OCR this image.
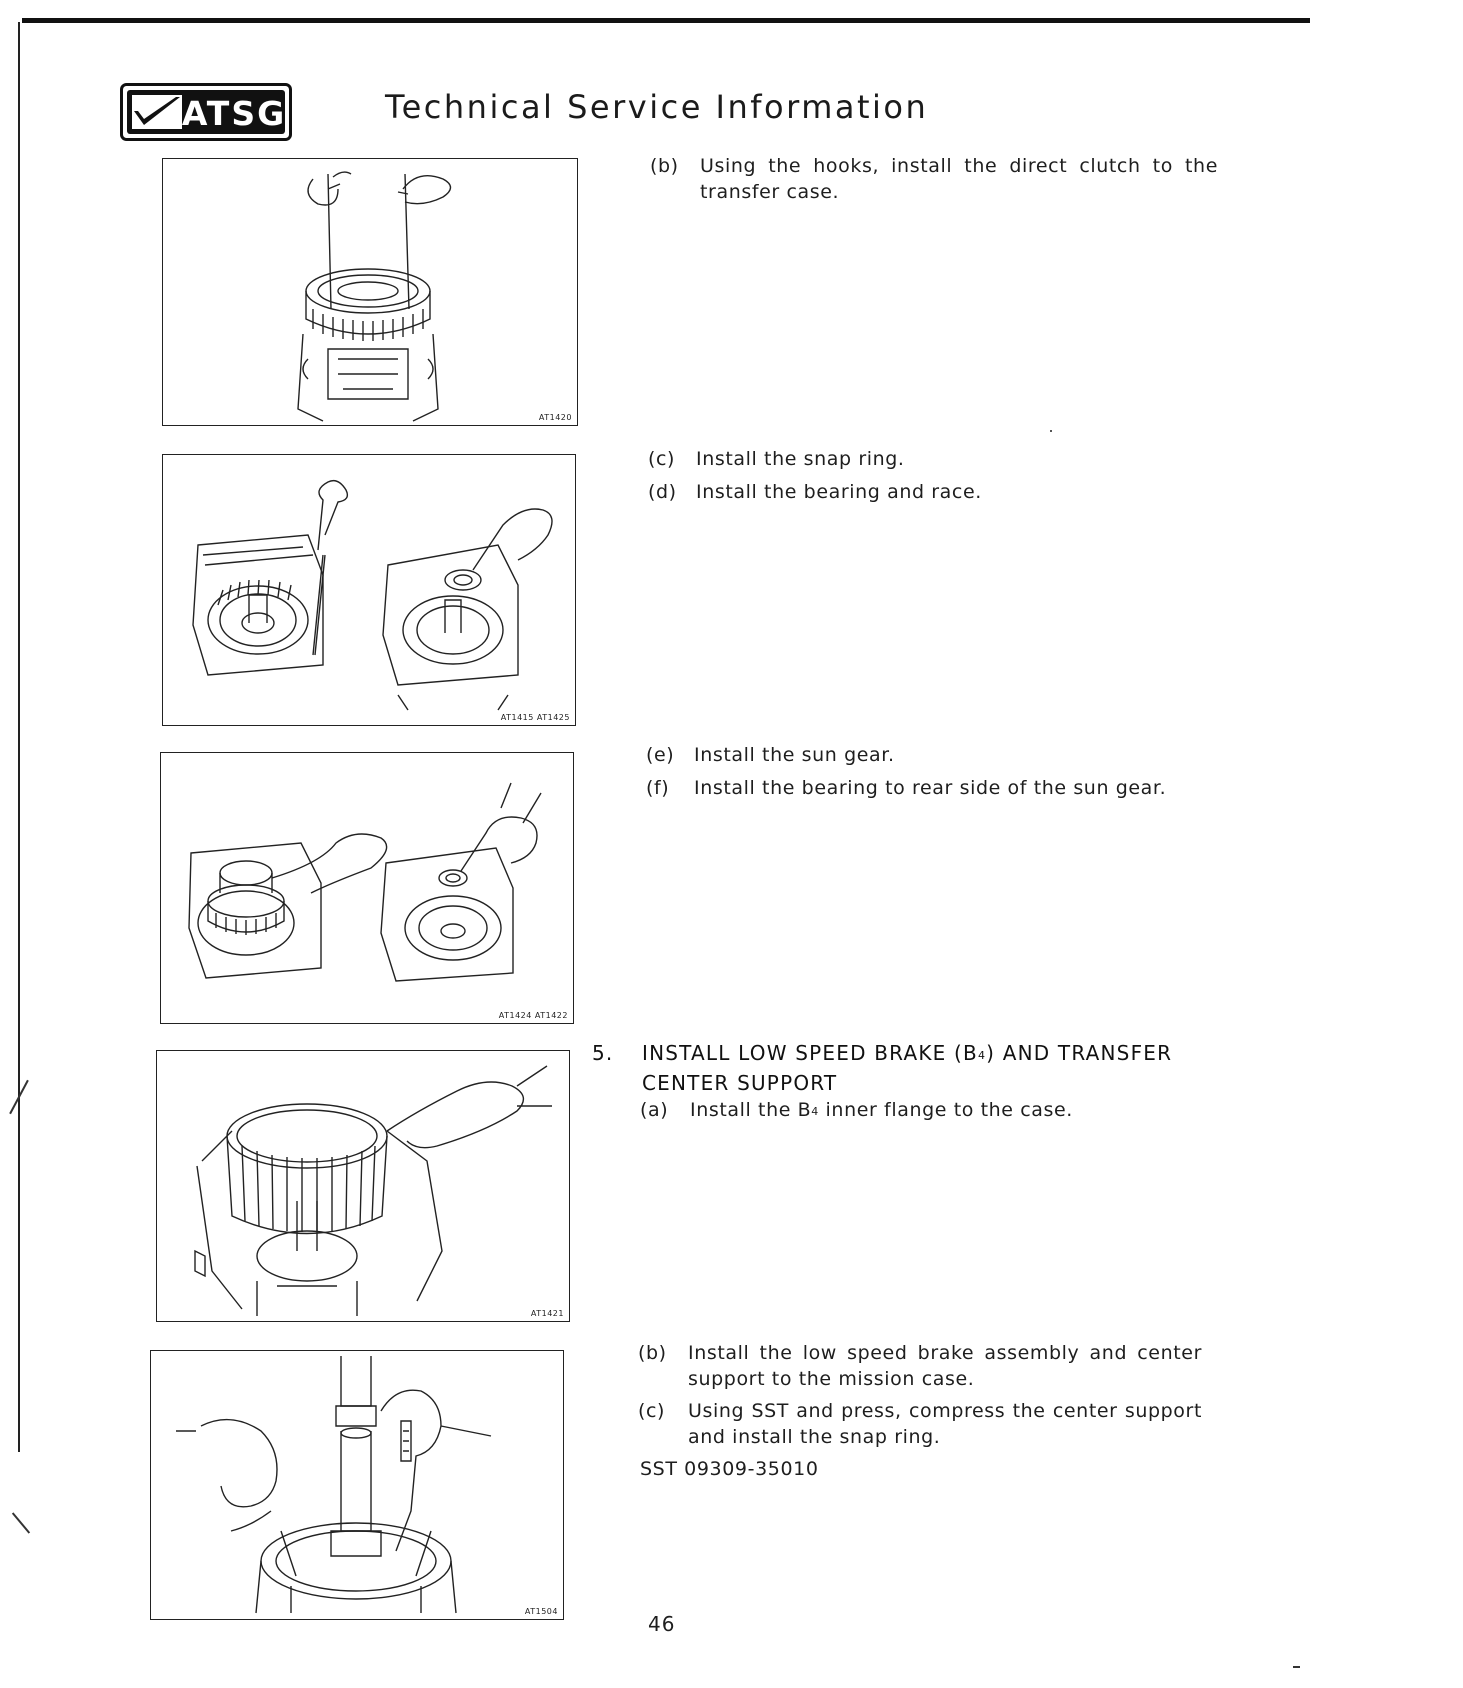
ATSG	Technical Service Information
AT1420
AT1415 AT1425
AT1424 AT1422
AT1421
AT1504
(b) Using the hooks, install the direct clutch to the transfer case.
(c) Install the snap ring.
(d) Install the bearing and race.
(e) Install the sun gear.
(f) Install the bearing to rear side of the sun gear.
5. INSTALL LOW SPEED BRAKE $(B_4)$ AND TRANSFER CENTER SUPPORT
(a) Install the $B_4$ inner flange to the case.
(b) Install the low speed brake assembly and center support to the mission case.
(c) Using SST and press, compress the center support and install the snap ring.
SST 09309-35010
46
